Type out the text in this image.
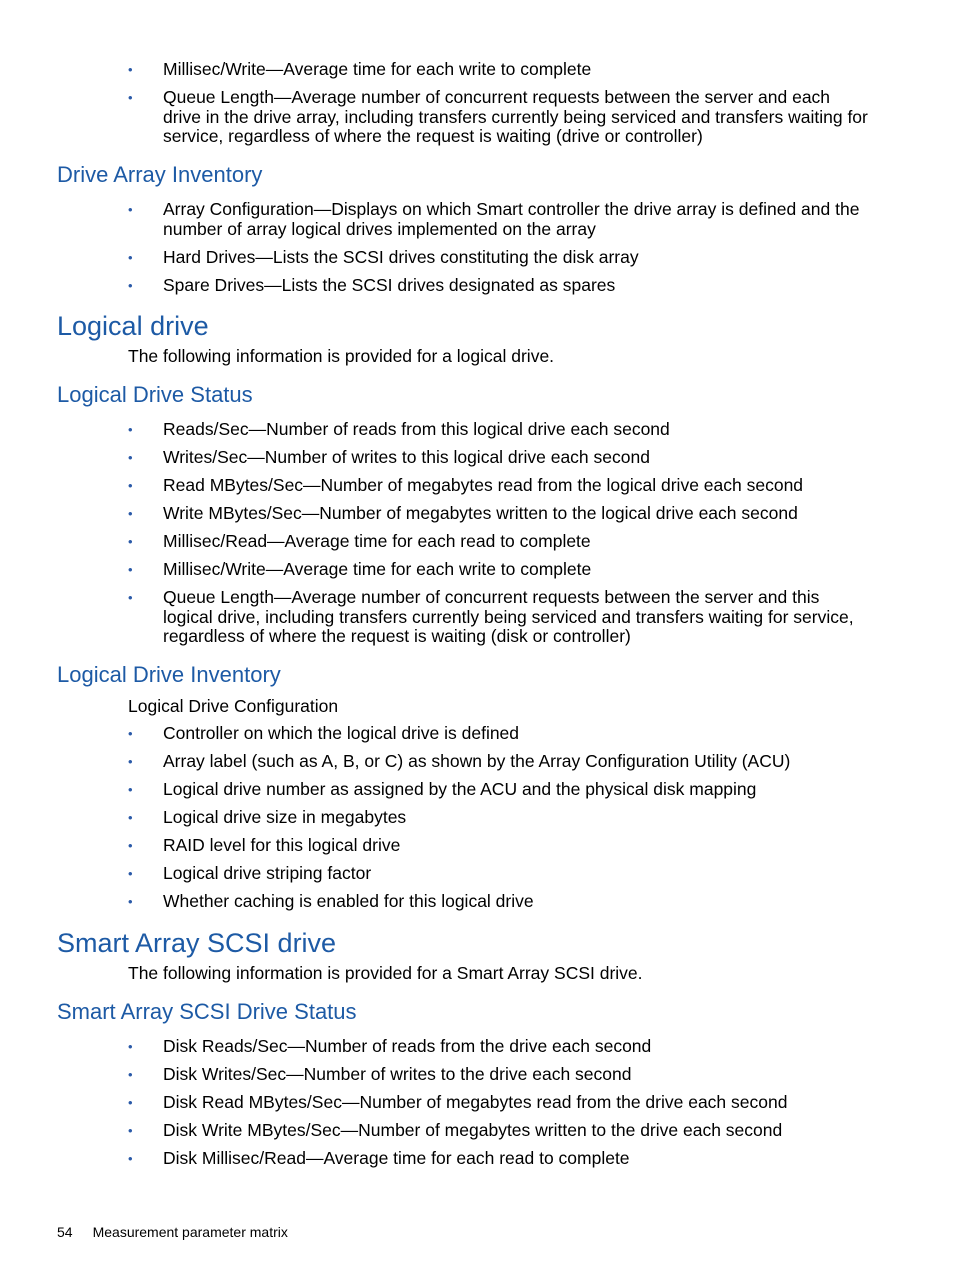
• Millisec/Write—Average time for each write to complete
• Queue Length—Average number of concurrent requests between the server and each drive in the drive array, including transfers currently being serviced and transfers waiting for service, regardless of where the request is waiting (drive or controller)
Drive Array Inventory
• Array Configuration—Displays on which Smart controller the drive array is defined and the number of array logical drives implemented on the array
• Hard Drives—Lists the SCSI drives constituting the disk array
• Spare Drives—Lists the SCSI drives designated as spares
Logical drive

The following information is provided for a logical drive.

Logical Drive Status
• Reads/Sec—Number of reads from this logical drive each second
• Writes/Sec—Number of writes to this logical drive each second
• Read MBytes/Sec—Number of megabytes read from the logical drive each second
• Write MBytes/Sec—Number of megabytes written to the logical drive each second
• Millisec/Read—Average time for each read to complete
• Millisec/Write—Average time for each write to complete
• Queue Length—Average number of concurrent requests between the server and this logical drive, including transfers currently being serviced and transfers waiting for service, regardless of where the request is waiting (disk or controller)
Logical Drive Inventory

Logical Drive Configuration

• Controller on which the logical drive is defined
• Array label (such as A, B, or C) as shown by the Array Configuration Utility (ACU)
• Logical drive number as assigned by the ACU and the physical disk mapping
• Logical drive size in megabytes
• RAID level for this logical drive
• Logical drive striping factor
• Whether caching is enabled for this logical drive
Smart Array SCSI drive

The following information is provided for a Smart Array SCSI drive.

Smart Array SCSI Drive Status
• Disk Reads/Sec—Number of reads from the drive each second
• Disk Writes/Sec—Number of writes to the drive each second
• Disk Read MBytes/Sec—Number of megabytes read from the drive each second
• Disk Write MBytes/Sec—Number of megabytes written to the drive each second
• Disk Millisec/Read—Average time for each read to complete
54 Measurement parameter matrix
